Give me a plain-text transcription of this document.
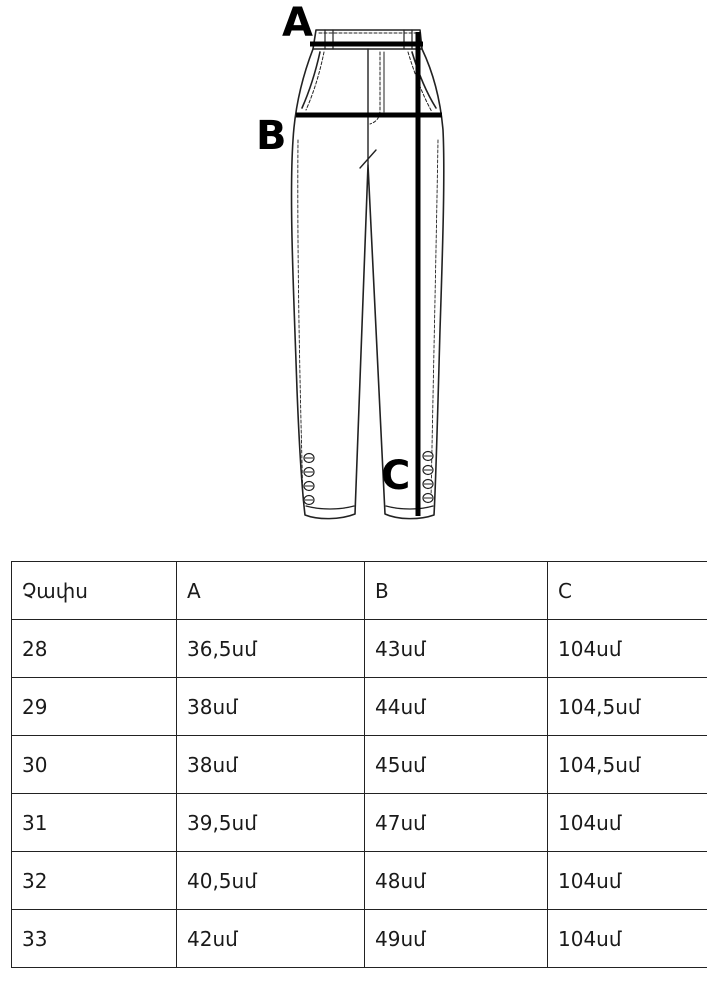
A
B
C
Չափս	A	B	C
28	36,5սմ	43սմ	104սմ
29	38սմ	44սմ	104,5սմ
30	38սմ	45սմ	104,5սմ
31	39,5սմ	47սմ	104սմ
32	40,5սմ	48սմ	104սմ
33	42սմ	49սմ	104սմ
